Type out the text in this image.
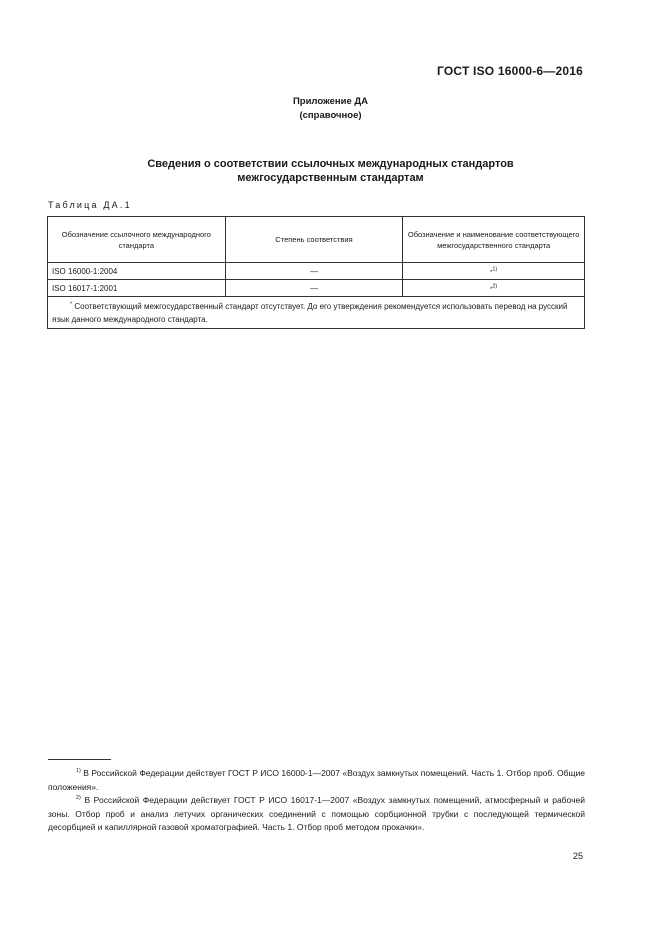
ГОСТ ISO 16000-6—2016
Приложение ДА
(справочное)
Сведения о соответствии ссылочных международных стандартов
межгосударственным стандартам
Таблица ДА.1
Обозначение ссылочного международного стандарта	Степень соответствия	Обозначение и наименование соответствующего межгосударственного стандарта
ISO 16000-1:2004	—	*$^{1)}$
ISO 16017-1:2001	—	*$^{2)}$
* Соответствующий межгосударственный стандарт отсутствует. До его утверждения рекомендуется использовать перевод на русский язык данного международного стандарта.		

$^{1)}$ В Российской Федерации действует ГОСТ Р ИСО 16000-1—2007 «Воздух замкнутых помещений. Часть 1. Отбор проб. Общие положения».

$^{2)}$ В Российской Федерации действует ГОСТ Р ИСО 16017-1—2007 «Воздух замкнутых помещений, атмосферный и рабочей зоны. Отбор проб и анализ летучих органических соединений с помощью сорбционной трубки с последующей термической десорбцией и капиллярной газовой хроматографией. Часть 1. Отбор проб методом прокачки».

25
